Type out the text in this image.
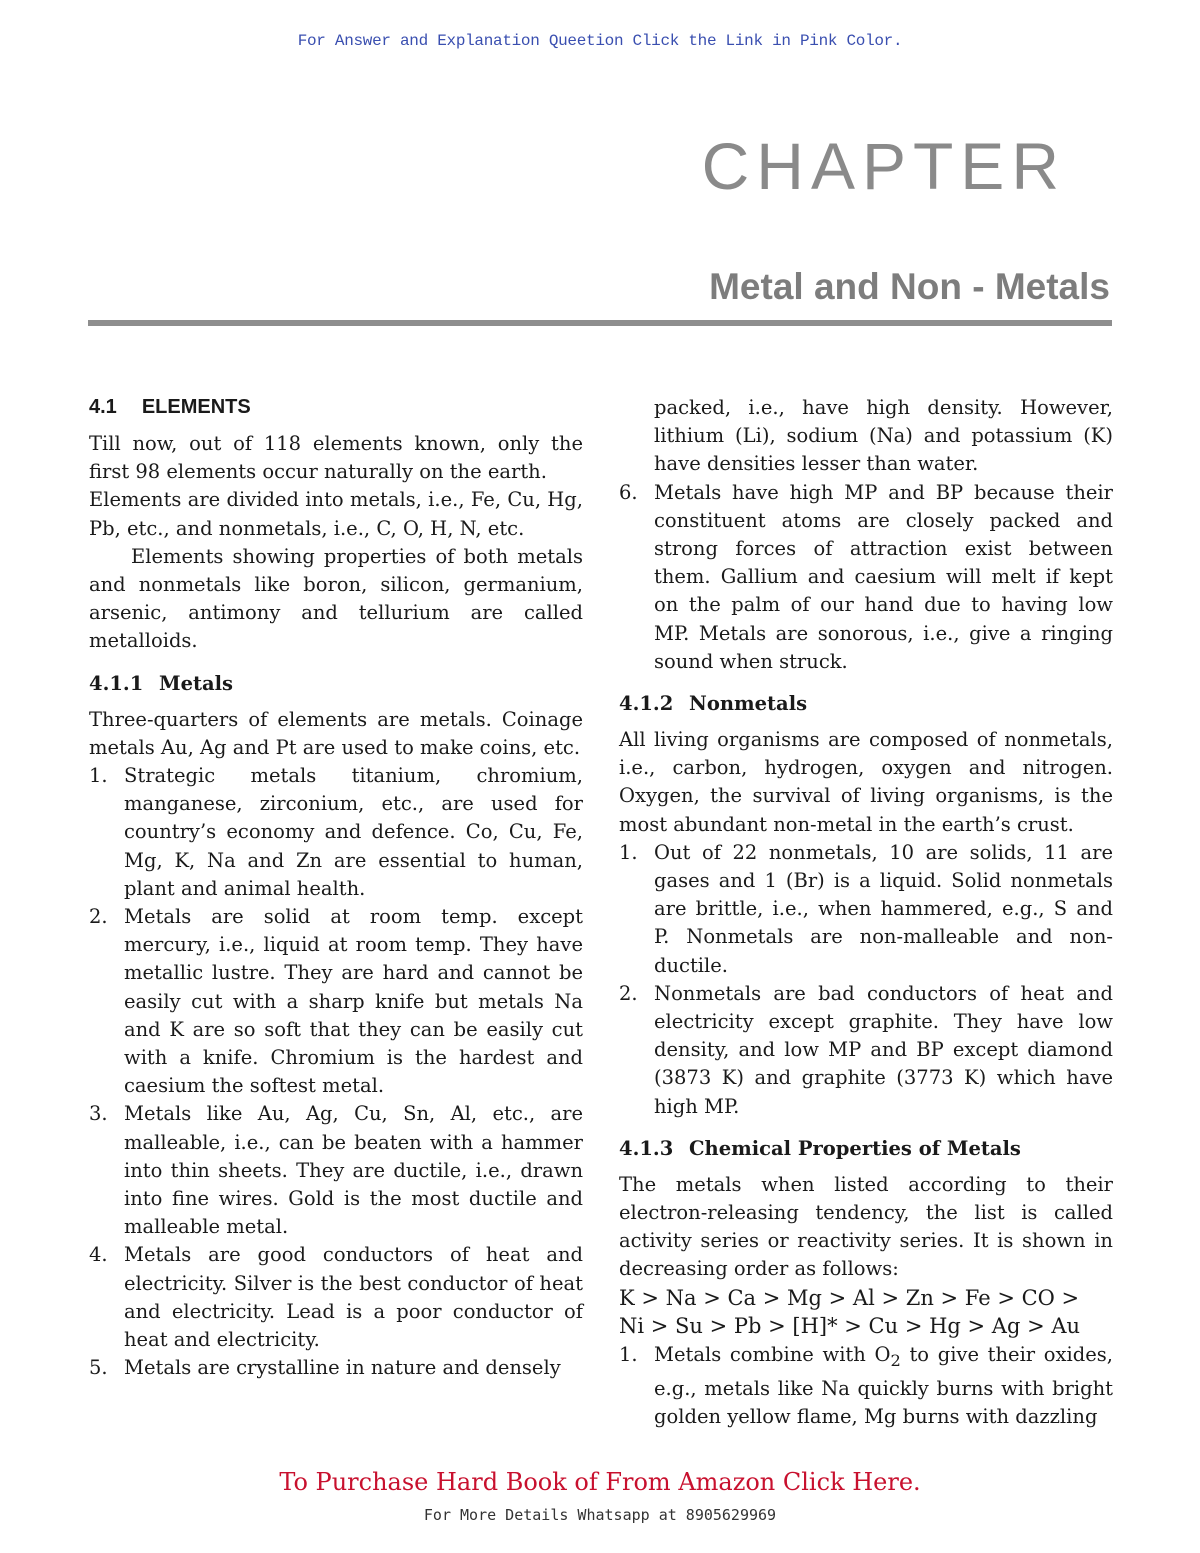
For Answer and Explanation Queetion Click the Link in Pink Color.
CHAPTER
Metal and Non - Metals
4.1 ELEMENTS

Till now, out of 118 elements known, only the first 98 elements occur naturally on the earth.

Elements are divided into metals, i.e., Fe, Cu, Hg, Pb, etc., and nonmetals, i.e., C, O, H, N, etc.

Elements showing properties of both metals and nonmetals like boron, silicon, germanium, arsenic, antimony and tellurium are called metalloids.

4.1.1 Metals

Three-quarters of elements are metals. Coinage metals Au, Ag and Pt are used to make coins, etc.

1. Strategic metals titanium, chromium, manganese, zirconium, etc., are used for country’s economy and defence. Co, Cu, Fe, Mg, K, Na and Zn are essential to human, plant and animal health.
2. Metals are solid at room temp. except mercury, i.e., liquid at room temp. They have metallic lustre. They are hard and cannot be easily cut with a sharp knife but metals Na and K are so soft that they can be easily cut with a knife. Chromium is the hardest and caesium the softest metal.
3. Metals like Au, Ag, Cu, Sn, Al, etc., are malleable, i.e., can be beaten with a hammer into thin sheets. They are ductile, i.e., drawn into fine wires. Gold is the most ductile and malleable metal.
4. Metals are good conductors of heat and electricity. Silver is the best conductor of heat and electricity. Lead is a poor conductor of heat and electricity.
5. Metals are crystalline in nature and densely
packed, i.e., have high density. However, lithium (Li), sodium (Na) and potassium (K) have densities lesser than water.
6. Metals have high MP and BP because their constituent atoms are closely packed and strong forces of attraction exist between them. Gallium and caesium will melt if kept on the palm of our hand due to having low MP. Metals are sonorous, i.e., give a ringing sound when struck.
4.1.2 Nonmetals

All living organisms are composed of nonmetals, i.e., carbon, hydrogen, oxygen and nitrogen. Oxygen, the survival of living organisms, is the most abundant non-metal in the earth’s crust.

1. Out of 22 nonmetals, 10 are solids, 11 are gases and 1 (Br) is a liquid. Solid nonmetals are brittle, i.e., when hammered, e.g., S and P. Nonmetals are non-malleable and non-ductile.
2. Nonmetals are bad conductors of heat and electricity except graphite. They have low density, and low MP and BP except diamond (3873 K) and graphite (3773 K) which have high MP.
4.1.3 Chemical Properties of Metals

The metals when listed according to their electron-releasing tendency, the list is called activity series or reactivity series. It is shown in decreasing order as follows:

K > Na > Ca > Mg > Al > Zn > Fe > CO >
Ni > Su > Pb > [H]* > Cu > Hg > Ag > Au
1. Metals combine with $O_2$ to give their oxides, e.g., metals like Na quickly burns with bright golden yellow flame, Mg burns with dazzling
To Purchase Hard Book of From Amazon Click Here.
For More Details Whatsapp at 8905629969
